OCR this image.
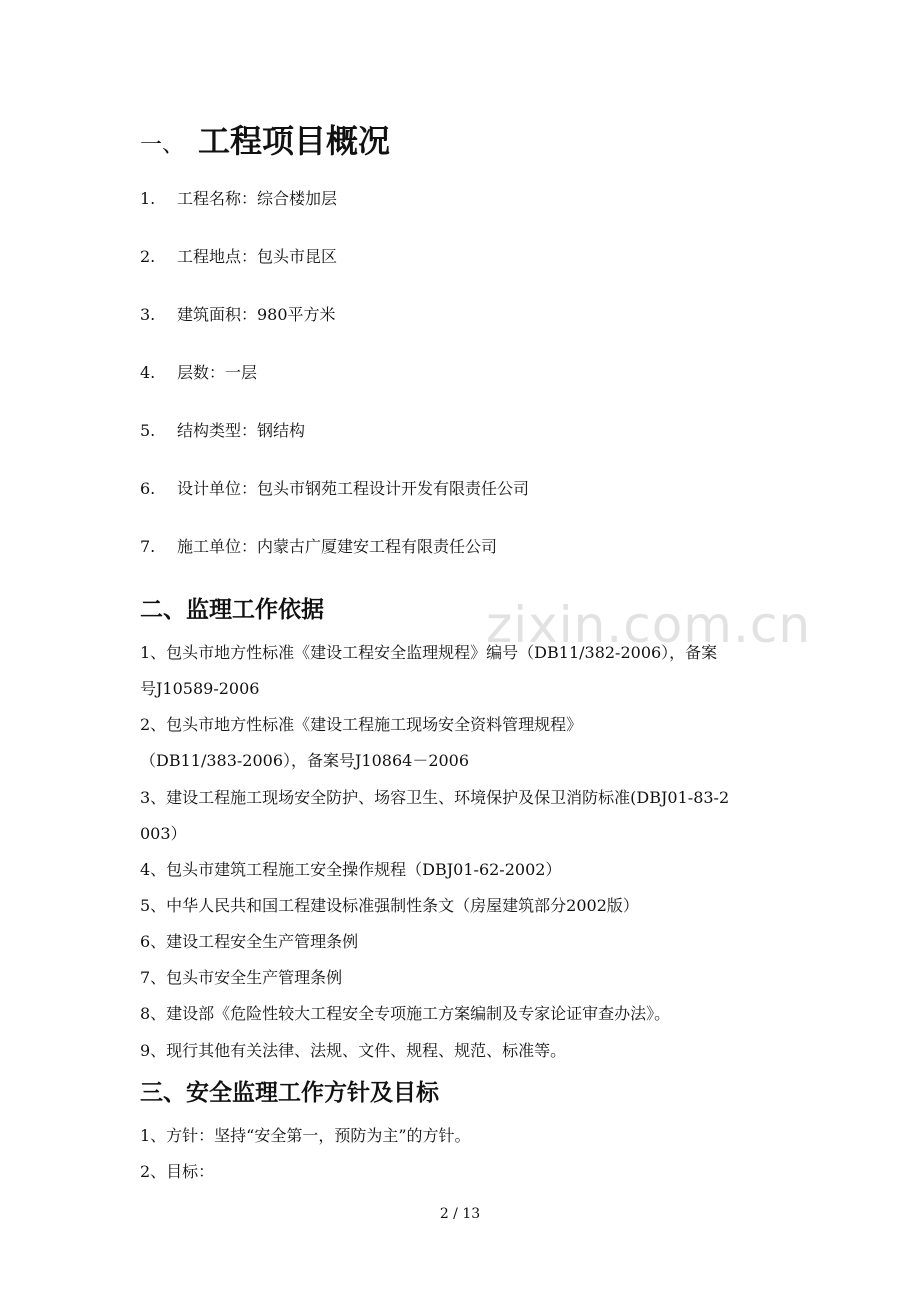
zixin.com.cn
一、 工程项目概况
1. 工程名称：综合楼加层
2. 工程地点：包头市昆区
3. 建筑面积：980平方米
4. 层数：一层
5. 结构类型：钢结构
6. 设计单位：包头市钢苑工程设计开发有限责任公司
7. 施工单位：内蒙古广厦建安工程有限责任公司
二、监理工作依据
1、包头市地方性标准《建设工程安全监理规程》编号（DB11/382-2006），备案
号J10589-2006
2、包头市地方性标准《建设工程施工现场安全资料管理规程》
（DB11/383-2006），备案号J10864－2006
3、建设工程施工现场安全防护、场容卫生、环境保护及保卫消防标准(DBJ01-83-2
003）
4、包头市建筑工程施工安全操作规程（DBJ01-62-2002）
5、中华人民共和国工程建设标准强制性条文（房屋建筑部分2002版）
6、建设工程安全生产管理条例
7、包头市安全生产管理条例
8、建设部《危险性较大工程安全专项施工方案编制及专家论证审查办法》。
9、现行其他有关法律、法规、文件、规程、规范、标准等。
三、安全监理工作方针及目标
1、方针：坚持“安全第一，预防为主”的方针。
2、目标：
2 / 13
